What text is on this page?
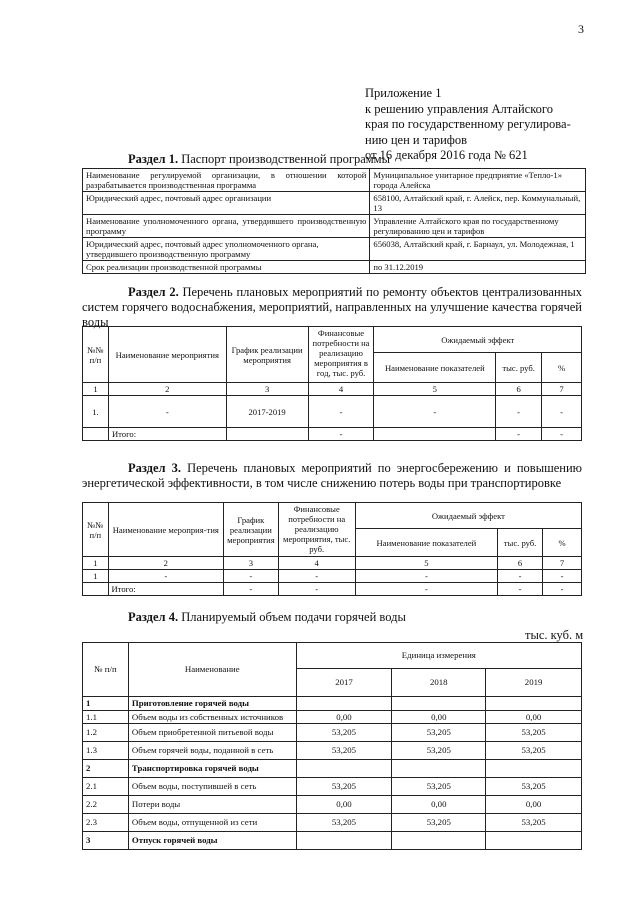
3
Приложение 1
к решению управления Алтайского
края по государственному регулирова-
нию цен и тарифов
от 16 декабря 2016 года № 621
Раздел 1. Паспорт производственной программы
Наименование регулируемой организации, в отношении которой разрабатывается производственная программа	Муниципальное унитарное предприятие «Тепло-1» города Алейска
Юридический адрес, почтовый адрес организации	658100, Алтайский край, г. Алейск, пер. Коммунальный, 13
Наименование уполномоченного органа, утвердившего производственную программу	Управление Алтайского края по государственному регулированию цен и тарифов
Юридический адрес, почтовый адрес уполномоченного органа, утвердившего производственную программу	656038, Алтайский край, г. Барнаул, ул. Молодежная, 1
Срок реализации производственной программы	по 31.12.2019
Раздел 2. Перечень плановых мероприятий по ремонту объектов централизованных систем горячего водоснабжения, мероприятий, направленных на улучшение качества горячей воды
№№ п/п	Наименование мероприятия	График реализации мероприятия	Финансовые потребности на реализацию мероприятия в год, тыс. руб.	Ожидаемый эффект		
				Наименование показателей	тыс. руб.	%
1	2	3	4	5	6	7
1.	-	2017-2019	-	-	-	-
	Итого:		-		-	-
Раздел 3. Перечень плановых мероприятий по энергосбережению и повышению энергетической эффективности, в том числе снижению потерь воды при транспортировке
№№ п/п	Наименование мероприя-тия	График реализации мероприятия	Финансовые потребности на реализацию мероприятия, тыс. руб.	Ожидаемый эффект		
				Наименование показателей	тыс. руб.	%
1	2	3	4	5	6	7
1	-	-	-	-	-	-
	Итого:	-	-	-	-	-
Раздел 4. Планируемый объем подачи горячей воды
тыс. куб. м
№ п/п	Наименование	Единица измерения		
		2017	2018	2019
1	Приготовление горячей воды			
1.1	Объем воды из собственных источников	0,00	0,00	0,00
1.2	Объем приобретенной питьевой воды	53,205	53,205	53,205
1.3	Объем горячей воды, поданной в сеть	53,205	53,205	53,205
2	Транспортировка горячей воды			
2.1	Объем воды, поступившей в сеть	53,205	53,205	53,205
2.2	Потери воды	0,00	0,00	0,00
2.3	Объем воды, отпущенной из сети	53,205	53,205	53,205
3	Отпуск горячей воды			
